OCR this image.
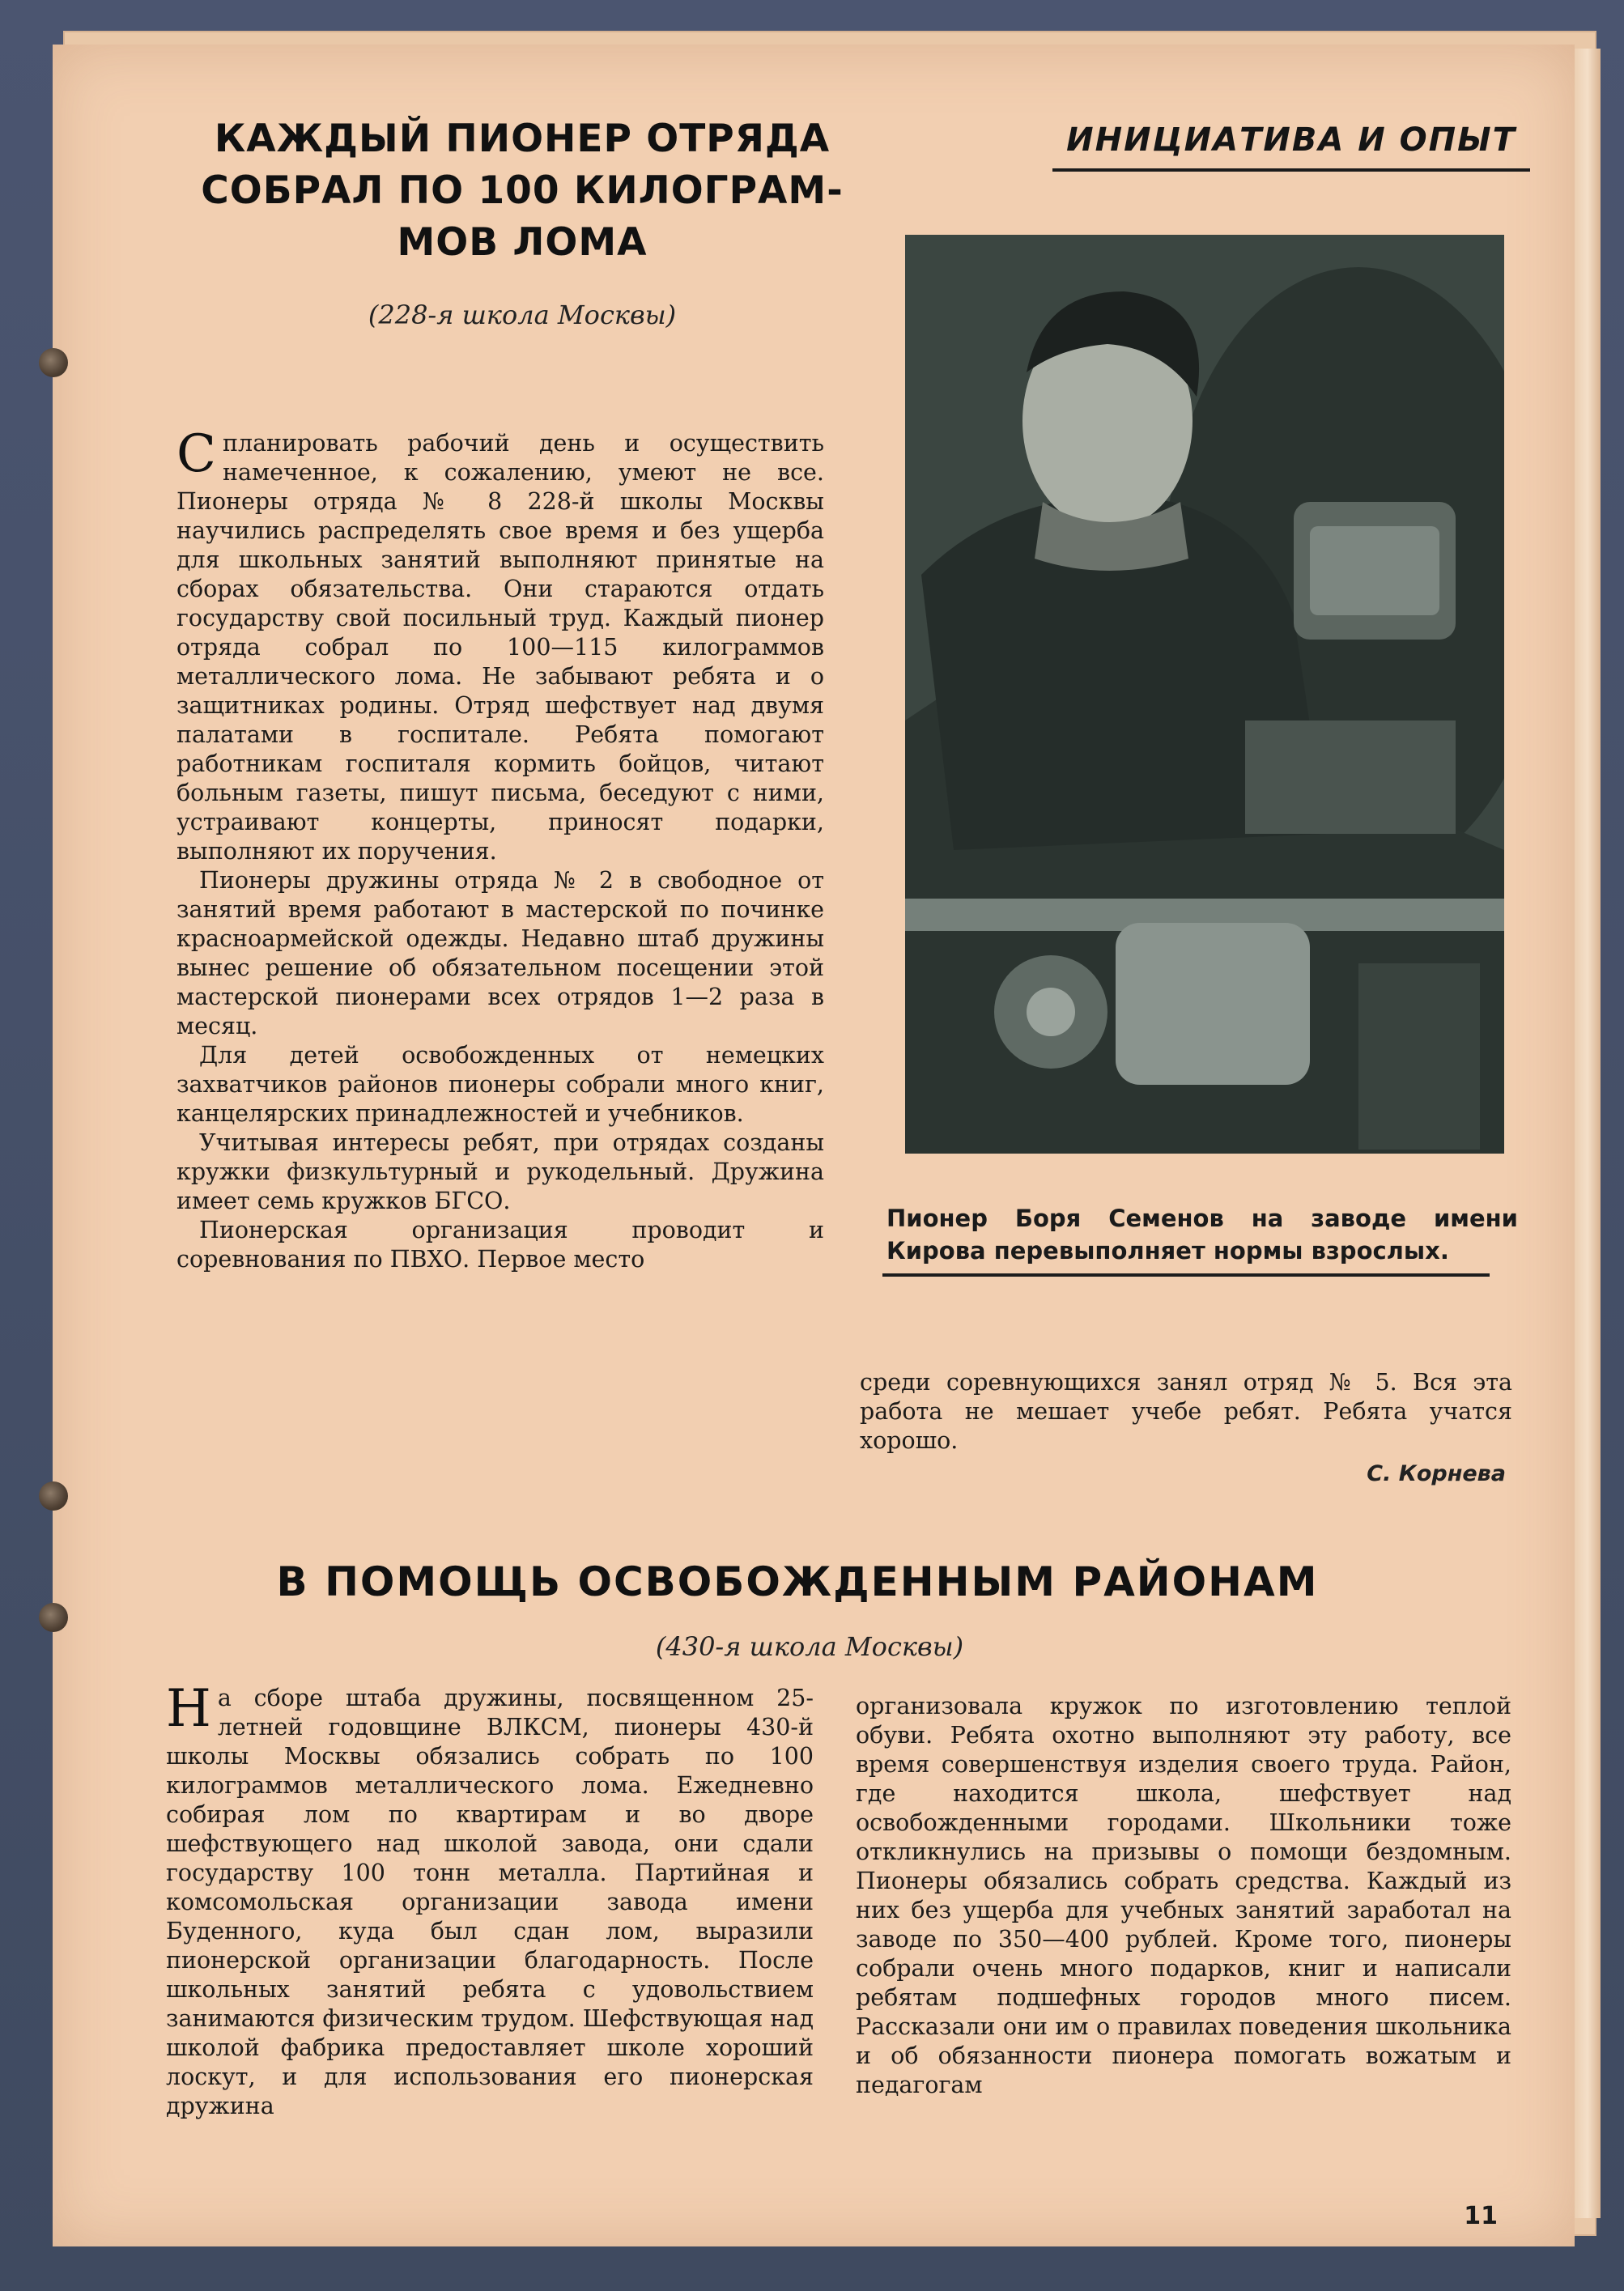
КАЖДЫЙ ПИОНЕР ОТРЯДА СОБРАЛ ПО 100 КИЛОГРАМ-МОВ ЛОМА
(228-я школа Москвы)
ИНИЦИАТИВА И ОПЫТ

Спланировать рабочий день и осуществить намеченное, к сожалению, умеют не все. Пионеры отряда № 8 228-й школы Москвы научились распределять свое время и без ущерба для школьных занятий выполняют принятые на сборах обязательства. Они стараются отдать государству свой посильный труд. Каждый пионер отряда собрал по 100—115 килограммов металлического лома. Не забывают ребята и о защитниках родины. Отряд шефствует над двумя палатами в госпитале. Ребята помогают работникам госпиталя кормить бойцов, читают больным газеты, пишут письма, беседуют с ними, устраивают концерты, приносят подарки, выполняют их поручения.

Пионеры дружины отряда № 2 в свободное от занятий время работают в мастерской по починке красноармейской одежды. Недавно штаб дружины вынес решение об обязательном посещении этой мастерской пионерами всех отрядов 1—2 раза в месяц.

Для детей освобожденных от немецких захватчиков районов пионеры собрали много книг, канцелярских принадлежностей и учебников.

Учитывая интересы ребят, при отрядах созданы кружки физкультурный и рукодельный. Дружина имеет семь кружков БГСО.

Пионерская организация проводит и соревнования по ПВХО. Первое место

Пионер Боря Семенов на заводе имени Кирова перевыполняет нормы взрослых.

среди соревнующихся занял отряд № 5. Вся эта работа не мешает учебе ребят. Ребята учатся хорошо.

С. Корнева
В ПОМОЩЬ ОСВОБОЖДЕННЫМ РАЙОНАМ
(430-я школа Москвы)

На сборе штаба дружины, посвященном 25-летней годовщине ВЛКСМ, пионеры 430-й школы Москвы обязались собрать по 100 килограммов металлического лома. Ежедневно собирая лом по квартирам и во дворе шефствующего над школой завода, они сдали государству 100 тонн металла. Партийная и комсомольская организации завода имени Буденного, куда был сдан лом, выразили пионерской организации благодарность. После школьных занятий ребята с удовольствием занимаются физическим трудом. Шефствующая над школой фабрика предоставляет школе хороший лоскут, и для использования его пионерская дружина

организовала кружок по изготовлению теплой обуви. Ребята охотно выполняют эту работу, все время совершенствуя изделия своего труда. Район, где находится школа, шефствует над освобожденными городами. Школьники тоже откликнулись на призывы о помощи бездомным. Пионеры обязались собрать средства. Каждый из них без ущерба для учебных занятий заработал на заводе по 350—400 рублей. Кроме того, пионеры собрали очень много подарков, книг и написали ребятам подшефных городов много писем. Рассказали они им о правилах поведения школьника и об обязанности пионера помогать вожатым и педагогам

11
